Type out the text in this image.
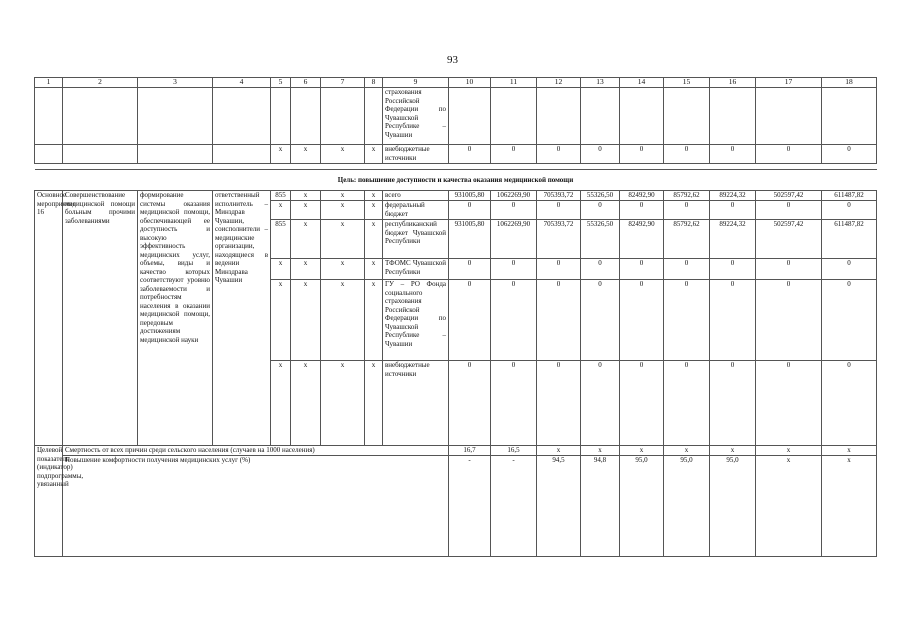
93
1	2	3	4	5	6	7	8	9	10	11	12	13	14	15	16	17	18
								страхования Российской Федерации по Чувашской Республике – Чувашии									
				x	x	x	x	внебюджетные источники	0	0	0	0	0	0	0	0	0

Цель: повышение доступности и качества оказания медицинской помощи																	
Основное мероприятие 16	Совершенствование медицинской помощи больным прочими заболеваниями	формирование системы оказания медицинской помощи, обеспечивающей ее доступность и высокую эффективность медицинских услуг, объемы, виды и качество которых соответствуют уровню заболеваемости и потребностям населения в оказании медицинской помощи, передовым достижениям медицинской науки	ответственный исполнитель – Минздрав Чувашии, соисполнители – медицинские организации, находящиеся в ведении Минздрава Чувашии	855	x	x	x	всего	931005,80	1062269,90	705393,72	55326,50	82492,90	85792,62	89224,32	502597,42	611487,82
				x	x	x	x	федеральный бюджет	0	0	0	0	0	0	0	0	0
				855	x	x	x	республиканский бюджет Чувашской Республики	931005,80	1062269,90	705393,72	55326,50	82492,90	85792,62	89224,32	502597,42	611487,82
				x	x	x	x	ТФОМС Чувашской Республики	0	0	0	0	0	0	0	0	0
				x	x	x	x	ГУ – РО Фонда социального страхования Российской Федерации по Чувашской Республике – Чувашии	0	0	0	0	0	0	0	0	0
				x	x	x	x	внебюджетные источники	0	0	0	0	0	0	0	0	0
Целевой показатель (индикатор) подпрограммы, увязанный	Смертность от всех причин среди сельского населения (случаев на 1000 населения)								16,7	16,5	x	x	x	x	x	x	x
	Повышение комфортности получения медицинских услуг (%)								-	-	94,5	94,8	95,0	95,0	95,0	x	x
